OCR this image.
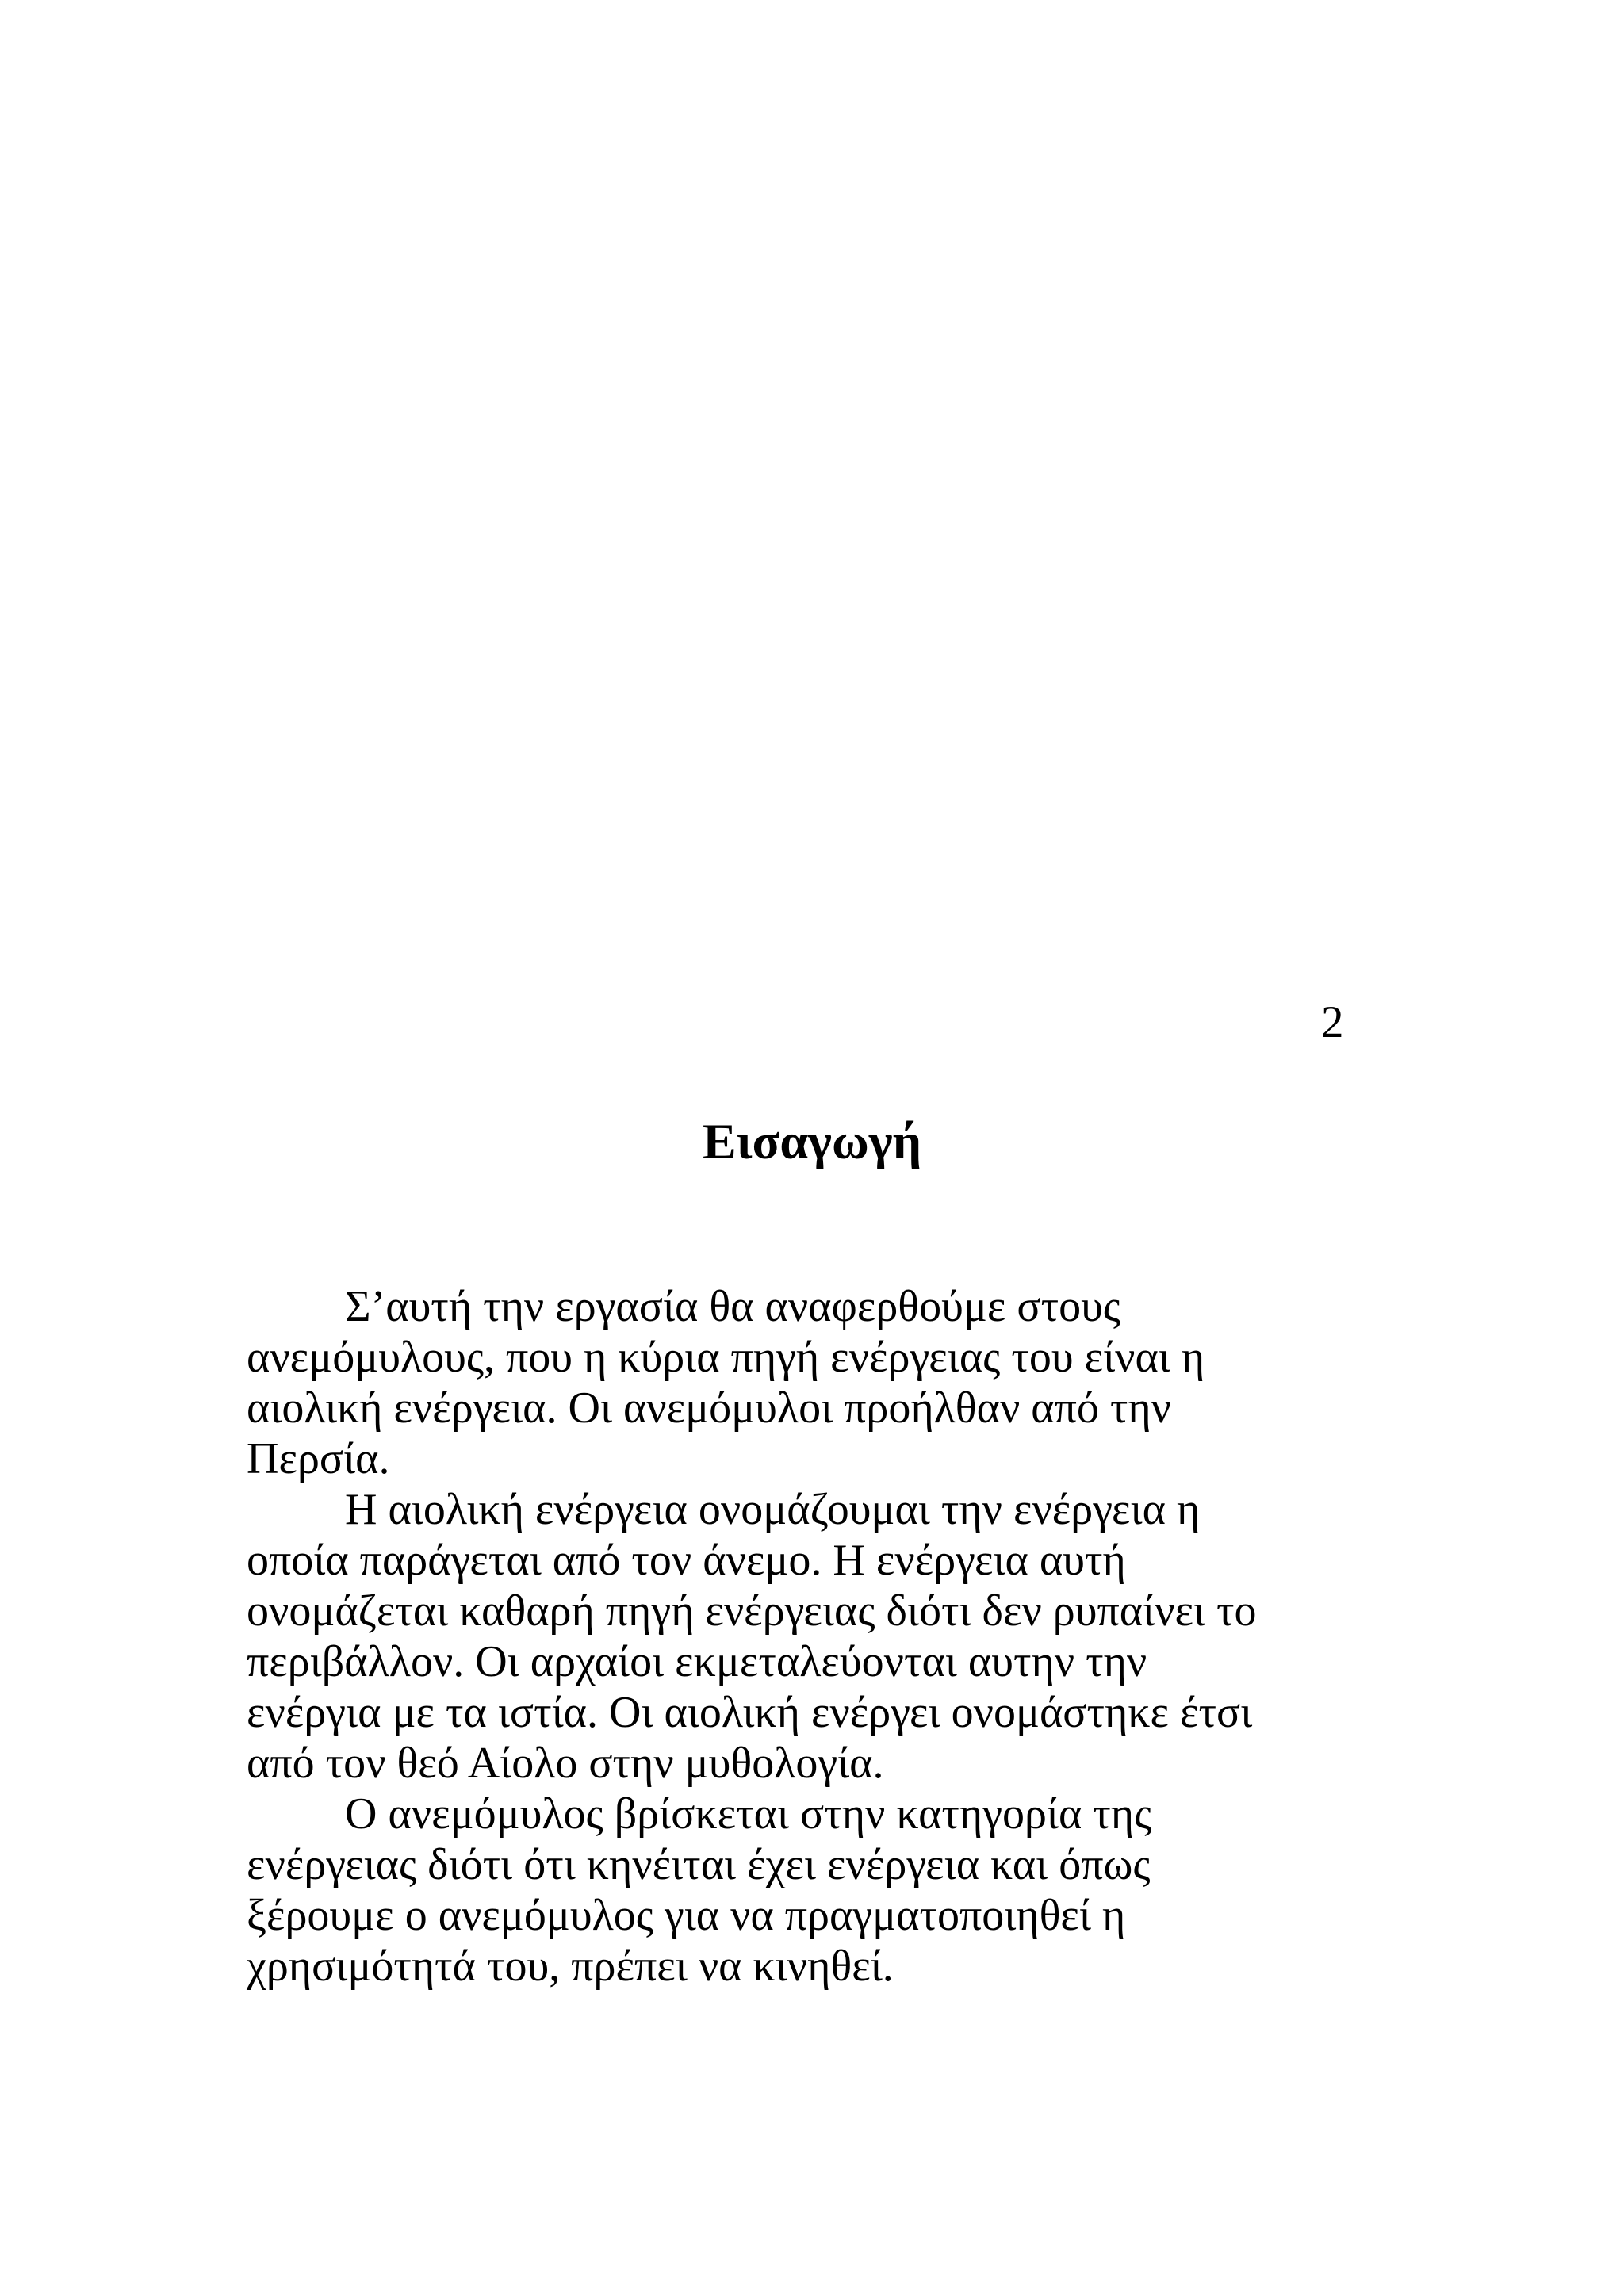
2

Εισαγωγή

Σ’αυτή την εργασία θα αναφερθούμε στους
ανεμόμυλους, που η κύρια πηγή ενέργειας του είναι η
αιολική ενέργεια. Οι ανεμόμυλοι προήλθαν από την
Περσία.

Η αιολική ενέργεια ονομάζουμαι την ενέργεια η
οποία παράγεται από τον άνεμο. Η ενέργεια αυτή
ονομάζεται καθαρή πηγή ενέργειας διότι δεν ρυπαίνει το
περιβάλλον. Οι αρχαίοι εκμεταλεύονται αυτην την
ενέργια με τα ιστία. Οι αιολική ενέργει ονομάστηκε έτσι
από τον θεό Αίολο στην μυθολογία.

Ο ανεμόμυλος βρίσκεται στην κατηγορία της
ενέργειας διότι ότι κηνέιται έχει ενέργεια και όπως
ξέρουμε ο ανεμόμυλος για να πραγματοποιηθεί η
χρησιμότητά του, πρέπει να κινηθεί.
